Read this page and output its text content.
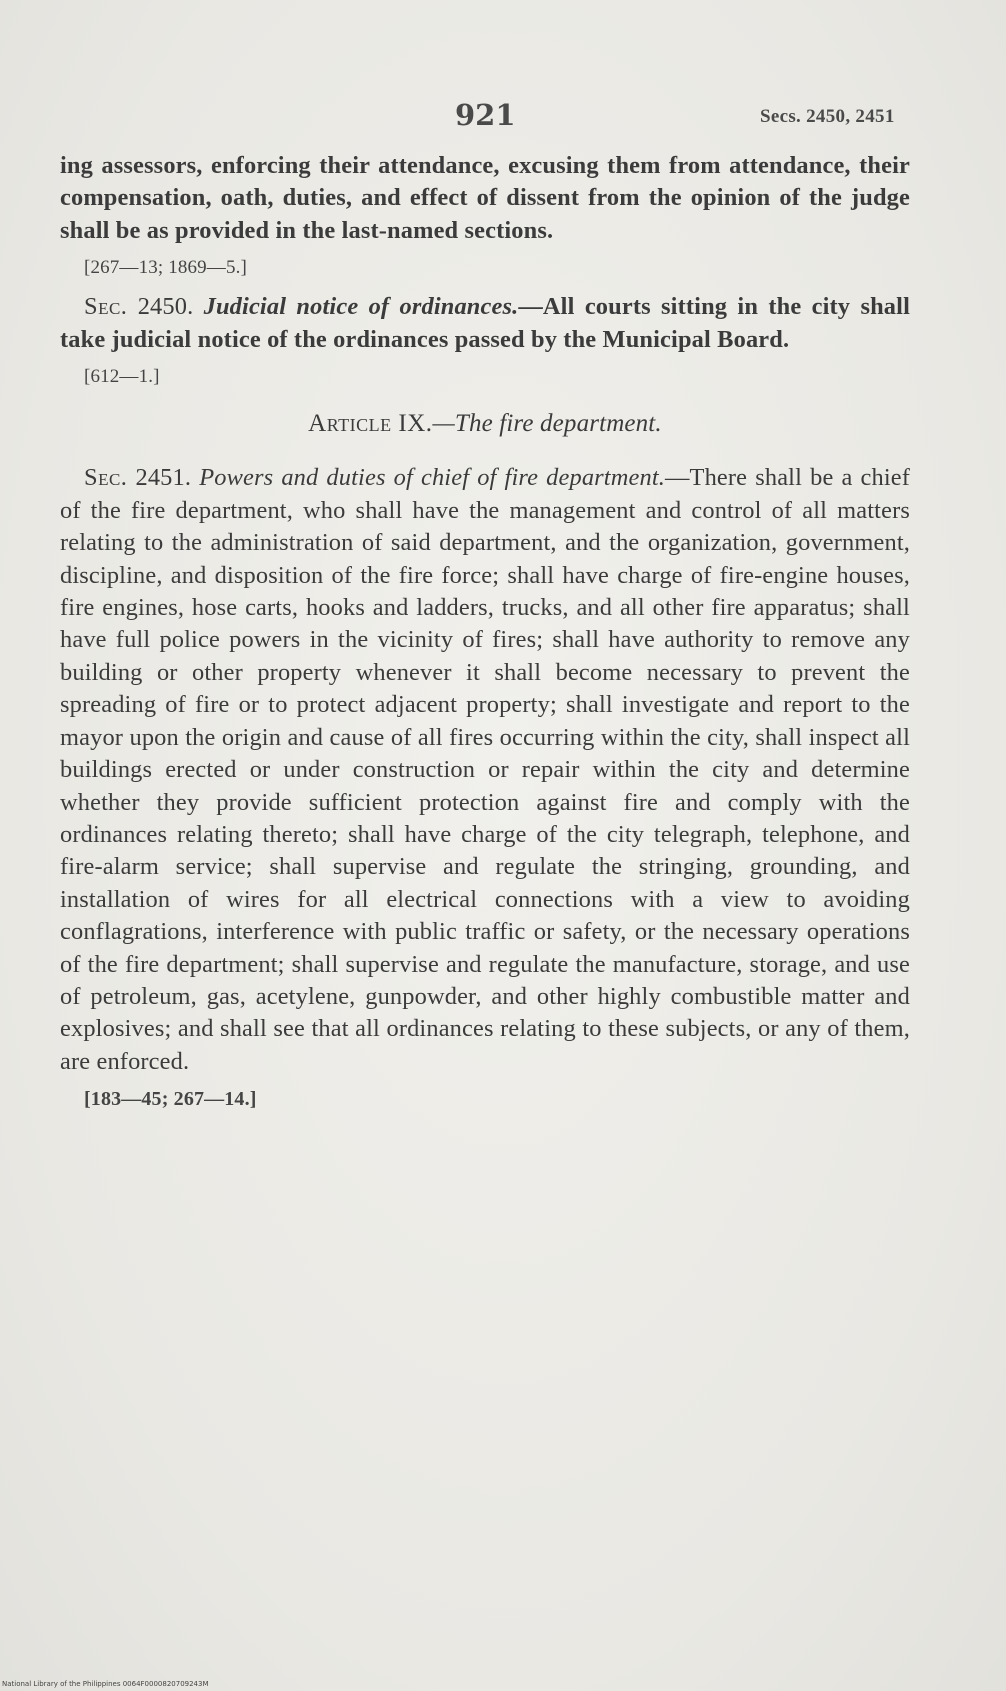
921	Secs. 2450, 2451

ing assessors, enforcing their attendance, excusing them from attendance, their compensation, oath, duties, and effect of dissent from the opinion of the judge shall be as provided in the last-named sections.

[267—13; 1869—5.]

Sec. 2450. Judicial notice of ordinances.—All courts sitting in the city shall take judicial notice of the ordinances passed by the Municipal Board.

[612—1.]

Article IX.—The fire department.

Sec. 2451. Powers and duties of chief of fire department.—There shall be a chief of the fire department, who shall have the management and control of all matters relating to the administration of said department, and the organization, government, discipline, and disposition of the fire force; shall have charge of fire-engine houses, fire engines, hose carts, hooks and ladders, trucks, and all other fire apparatus; shall have full police powers in the vicinity of fires; shall have authority to remove any building or other property whenever it shall become necessary to prevent the spreading of fire or to protect adjacent property; shall investigate and report to the mayor upon the origin and cause of all fires occurring within the city, shall inspect all buildings erected or under construction or repair within the city and determine whether they provide sufficient protection against fire and comply with the ordinances relating thereto; shall have charge of the city telegraph, telephone, and fire-alarm service; shall supervise and regulate the stringing, grounding, and installation of wires for all electrical connections with a view to avoiding conflagrations, interference with public traffic or safety, or the necessary operations of the fire department; shall supervise and regulate the manufacture, storage, and use of petroleum, gas, acetylene, gunpowder, and other highly combustible matter and explosives; and shall see that all ordinances relating to these subjects, or any of them, are enforced.

[183—45; 267—14.]

National Library of the Philippines 0064F0000820709243M
